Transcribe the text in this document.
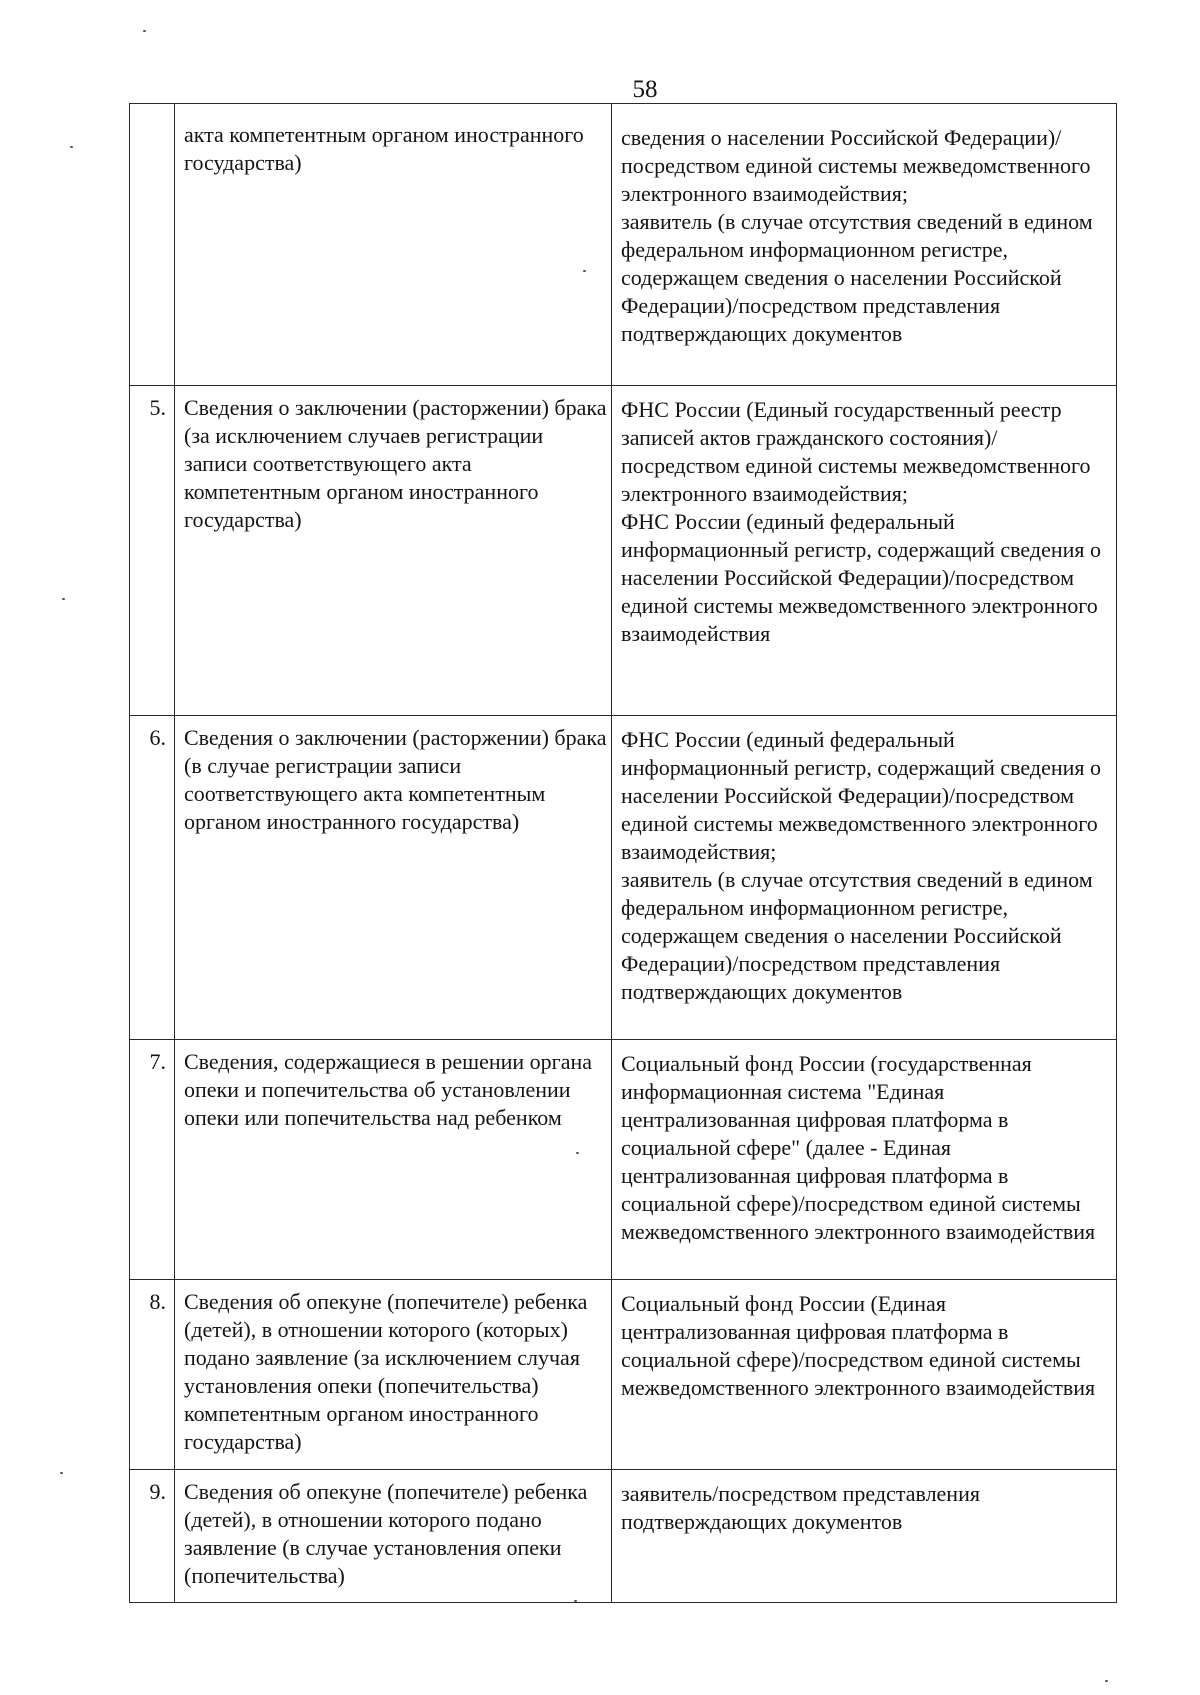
58
	акта компетентным органом иностранного государства)	сведения о населении Российской Федерации)/посредством единой системы межведомственного электронного взаимодействия;
заявитель (в случае отсутствия сведений в едином федеральном информационном регистре, содержащем сведения о населении Российской Федерации)/посредством представления подтверждающих документов
5.	Сведения о заключении (расторжении) брака (за исключением случаев регистрации записи соответствующего акта компетентным органом иностранного государства)	ФНС России (Единый государственный реестр записей актов гражданского состояния)/посредством единой системы межведомственного электронного взаимодействия;
ФНС России (единый федеральный информационный регистр, содержащий сведения о населении Российской Федерации)/посредством единой системы межведомственного электронного взаимодействия
6.	Сведения о заключении (расторжении) брака (в случае регистрации записи соответствующего акта компетентным органом иностранного государства)	ФНС России (единый федеральный информационный регистр, содержащий сведения о населении Российской Федерации)/посредством единой системы межведомственного электронного взаимодействия;
заявитель (в случае отсутствия сведений в едином федеральном информационном регистре, содержащем сведения о населении Российской Федерации)/посредством представления подтверждающих документов
7.	Сведения, содержащиеся в решении органа опеки и попечительства об установлении опеки или попечительства над ребенком	Социальный фонд России (государственная информационная система "Единая централизованная цифровая платформа в социальной сфере" (далее - Единая централизованная цифровая платформа в социальной сфере)/посредством единой системы межведомственного электронного взаимодействия
8.	Сведения об опекуне (попечителе) ребенка (детей), в отношении которого (которых) подано заявление (за исключением случая установления опеки (попечительства) компетентным органом иностранного государства)	Социальный фонд России (Единая централизованная цифровая платформа в социальной сфере)/посредством единой системы межведомственного электронного взаимодействия
9.	Сведения об опекуне (попечителе) ребенка (детей), в отношении которого подано заявление (в случае установления опеки (попечительства)	заявитель/посредством представления подтверждающих документов
